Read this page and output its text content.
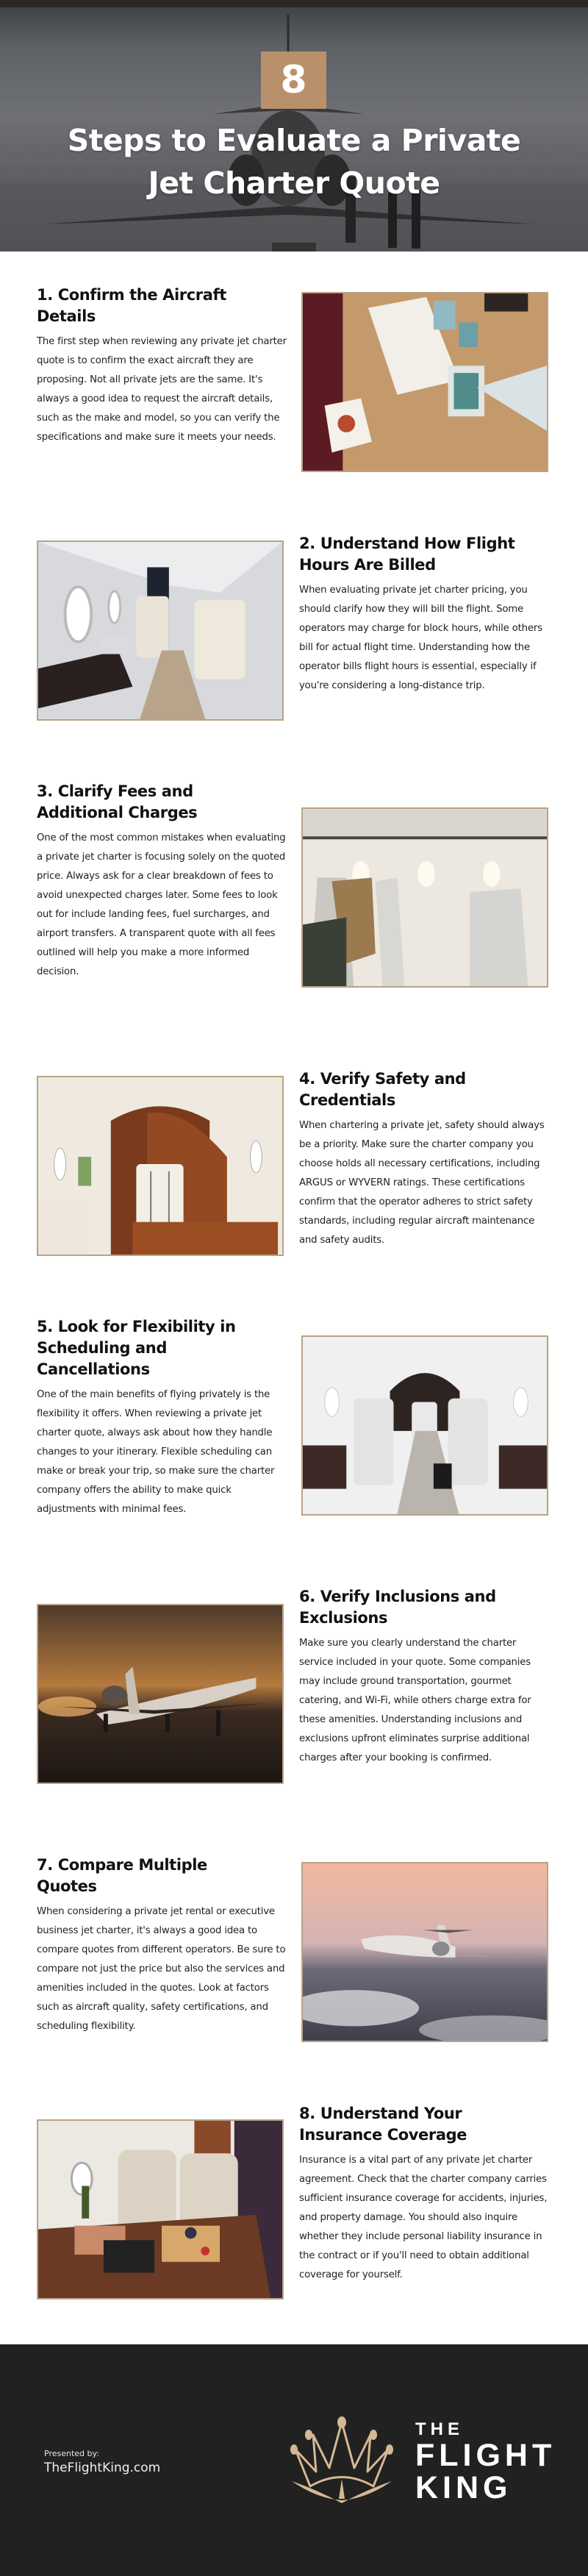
8
Steps to Evaluate a Private
Jet Charter Quote
1. Confirm the Aircraft
Details
The first step when reviewing any private jet charter quote is to confirm the exact aircraft they are proposing. Not all private jets are the same. It's always a good idea to request the aircraft details, such as the make and model, so you can verify the specifications and make sure it meets your needs.
2. Understand How Flight
Hours Are Billed
When evaluating private jet charter pricing, you should clarify how they will bill the flight. Some operators may charge for block hours, while others bill for actual flight time. Understanding how the operator bills flight hours is essential, especially if you're considering a long-distance trip.
3. Clarify Fees and
Additional Charges
One of the most common mistakes when evaluating a private jet charter is focusing solely on the quoted price. Always ask for a clear breakdown of fees to avoid unexpected charges later. Some fees to look out for include landing fees, fuel surcharges, and airport transfers. A transparent quote with all fees outlined will help you make a more informed decision.
4. Verify Safety and
Credentials
When chartering a private jet, safety should always be a priority. Make sure the charter company you choose holds all necessary certifications, including ARGUS or WYVERN ratings. These certifications confirm that the operator adheres to strict safety standards, including regular aircraft maintenance and safety audits.
5. Look for Flexibility in
Scheduling and
Cancellations
One of the main benefits of flying privately is the flexibility it offers. When reviewing a private jet charter quote, always ask about how they handle changes to your itinerary. Flexible scheduling can make or break your trip, so make sure the charter company offers the ability to make quick adjustments with minimal fees.
6. Verify Inclusions and
Exclusions
Make sure you clearly understand the charter service included in your quote. Some companies may include ground transportation, gourmet catering, and Wi-Fi, while others charge extra for these amenities. Understanding inclusions and exclusions upfront eliminates surprise additional charges after your booking is confirmed.
7. Compare Multiple
Quotes
When considering a private jet rental or executive business jet charter, it's always a good idea to compare quotes from different operators. Be sure to compare not just the price but also the services and amenities included in the quotes. Look at factors such as aircraft quality, safety certifications, and scheduling flexibility.
8. Understand Your
Insurance Coverage
Insurance is a vital part of any private jet charter agreement. Check that the charter company carries sufficient insurance coverage for accidents, injuries, and property damage. You should also inquire whether they include personal liability insurance in the contract or if you'll need to obtain additional coverage for yourself.
Presented by:
TheFlightKing.com
THE
FLIGHT
KING
